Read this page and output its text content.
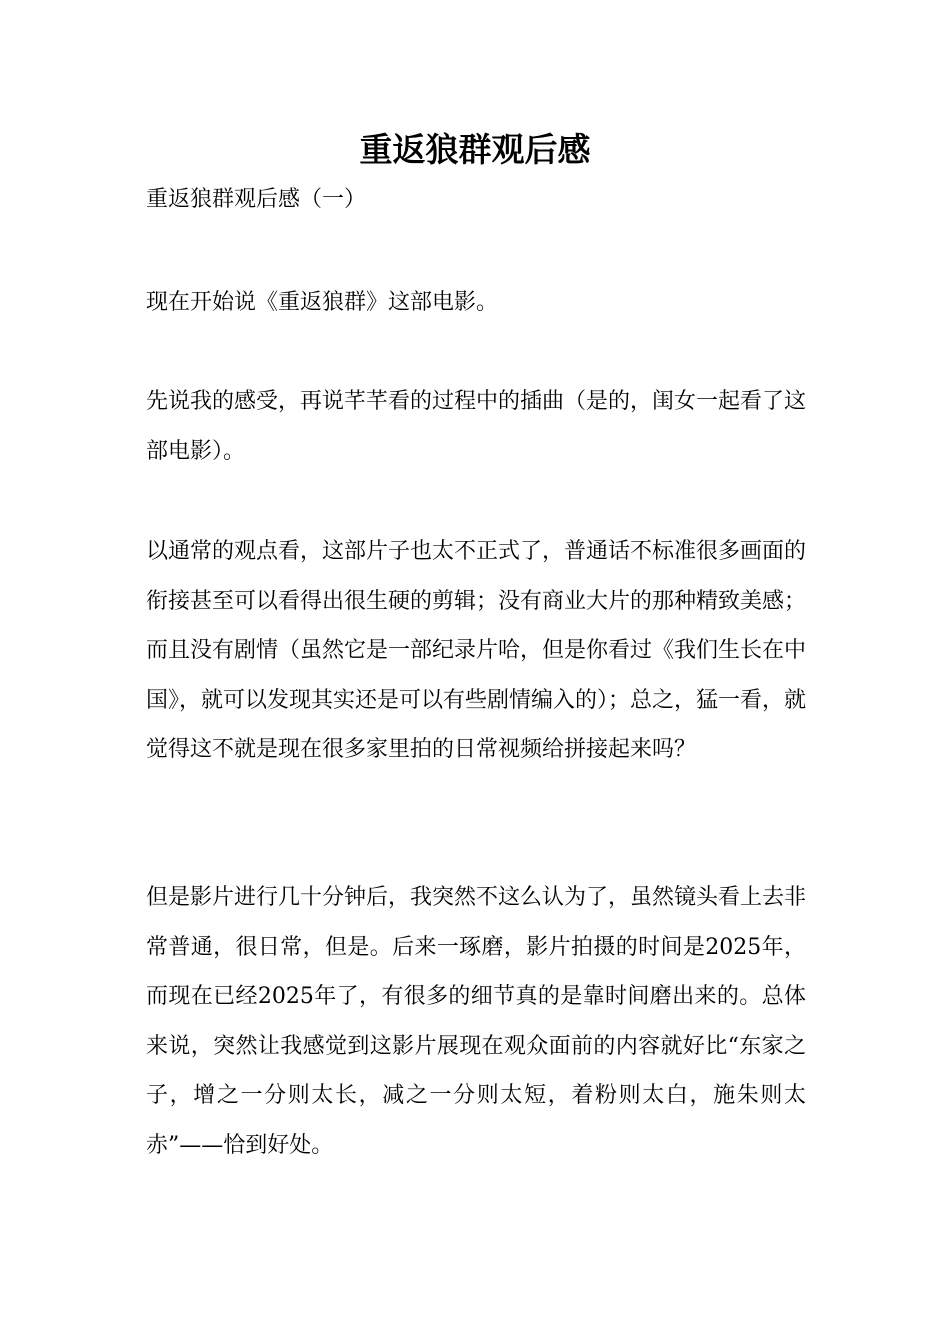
重返狼群观后感

重返狼群观后感（一）

现在开始说《重返狼群》这部电影。

先说我的感受，再说芊芊看的过程中的插曲（是的，闺女一起看了这部电影）。

以通常的观点看，这部片子也太不正式了，普通话不标准很多画面的衔接甚至可以看得出很生硬的剪辑；没有商业大片的那种精致美感；而且没有剧情（虽然它是一部纪录片哈，但是你看过《我们生长在中国》，就可以发现其实还是可以有些剧情编入的）；总之，猛一看，就觉得这不就是现在很多家里拍的日常视频给拼接起来吗？

但是影片进行几十分钟后，我突然不这么认为了，虽然镜头看上去非常普通，很日常，但是。后来一琢磨，影片拍摄的时间是2025年，而现在已经2025年了，有很多的细节真的是靠时间磨出来的。总体来说，突然让我感觉到这影片展现在观众面前的内容就好比“东家之子，增之一分则太长，减之一分则太短，着粉则太白，施朱则太赤”——恰到好处。
